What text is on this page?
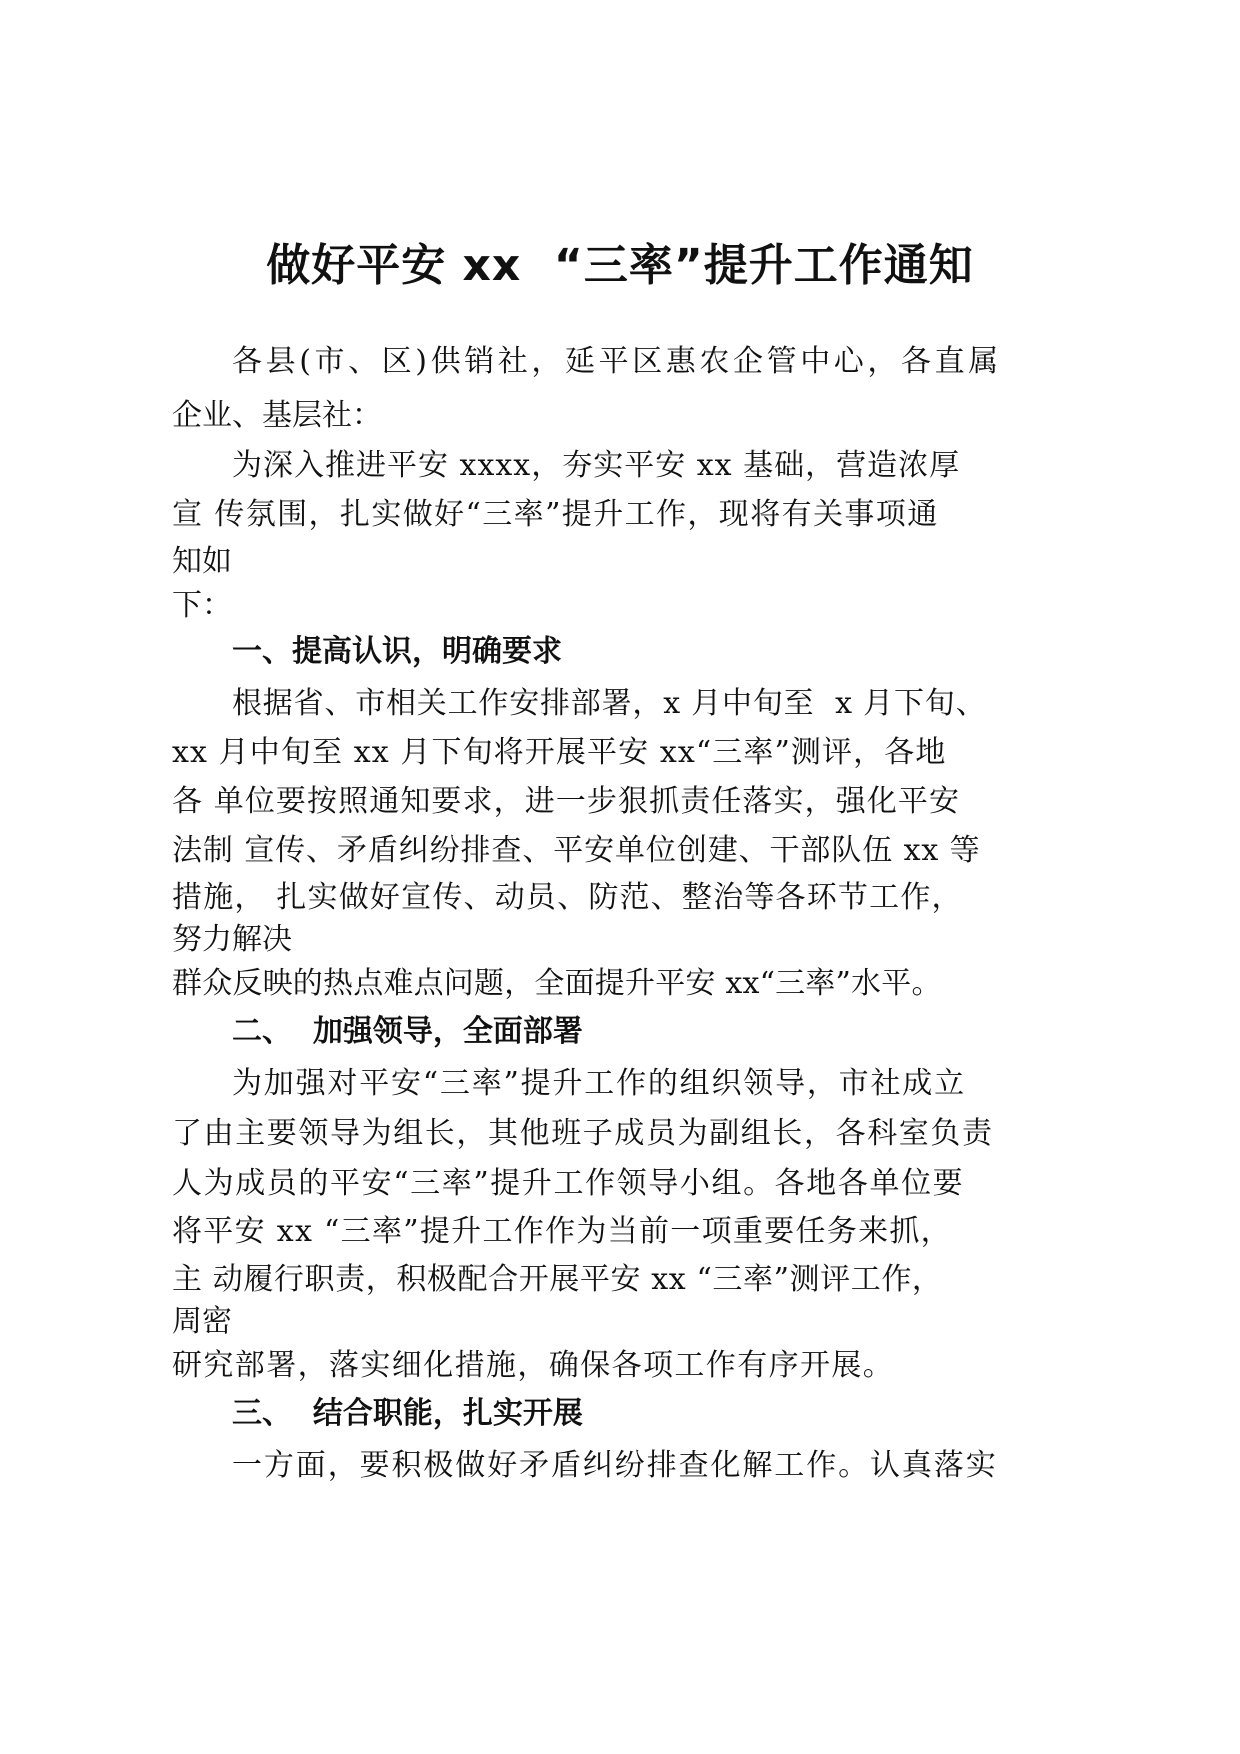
做好平安 xx  “三率”提升工作通知
各县(市、区)供销社，延平区惠农企管中心，各直属
企业、基层社：
为深入推进平安 xxxx，夯实平安 xx 基础，营造浓厚
宣 传氛围，扎实做好“三率”提升工作，现将有关事项通
知如
下：
一、提高认识，明确要求
根据省、市相关工作安排部署，x 月中旬至  x 月下旬、
xx 月中旬至 xx 月下旬将开展平安 xx“三率”测评，各地
各 单位要按照通知要求，进一步狠抓责任落实，强化平安
法制 宣传、矛盾纠纷排查、平安单位创建、干部队伍 xx 等
措施， 扎实做好宣传、动员、防范、整治等各环节工作，
努力解决
群众反映的热点难点问题，全面提升平安 xx“三率”水平。
二、  加强领导，全面部署
为加强对平安“三率”提升工作的组织领导，市社成立
了由主要领导为组长，其他班子成员为副组长，各科室负责
人为成员的平安“三率”提升工作领导小组。各地各单位要
将平安 xx “三率”提升工作作为当前一项重要任务来抓，
主 动履行职责，积极配合开展平安 xx “三率”测评工作，
周密
研究部署，落实细化措施，确保各项工作有序开展。
三、  结合职能，扎实开展
一方面，要积极做好矛盾纠纷排查化解工作。认真落实
